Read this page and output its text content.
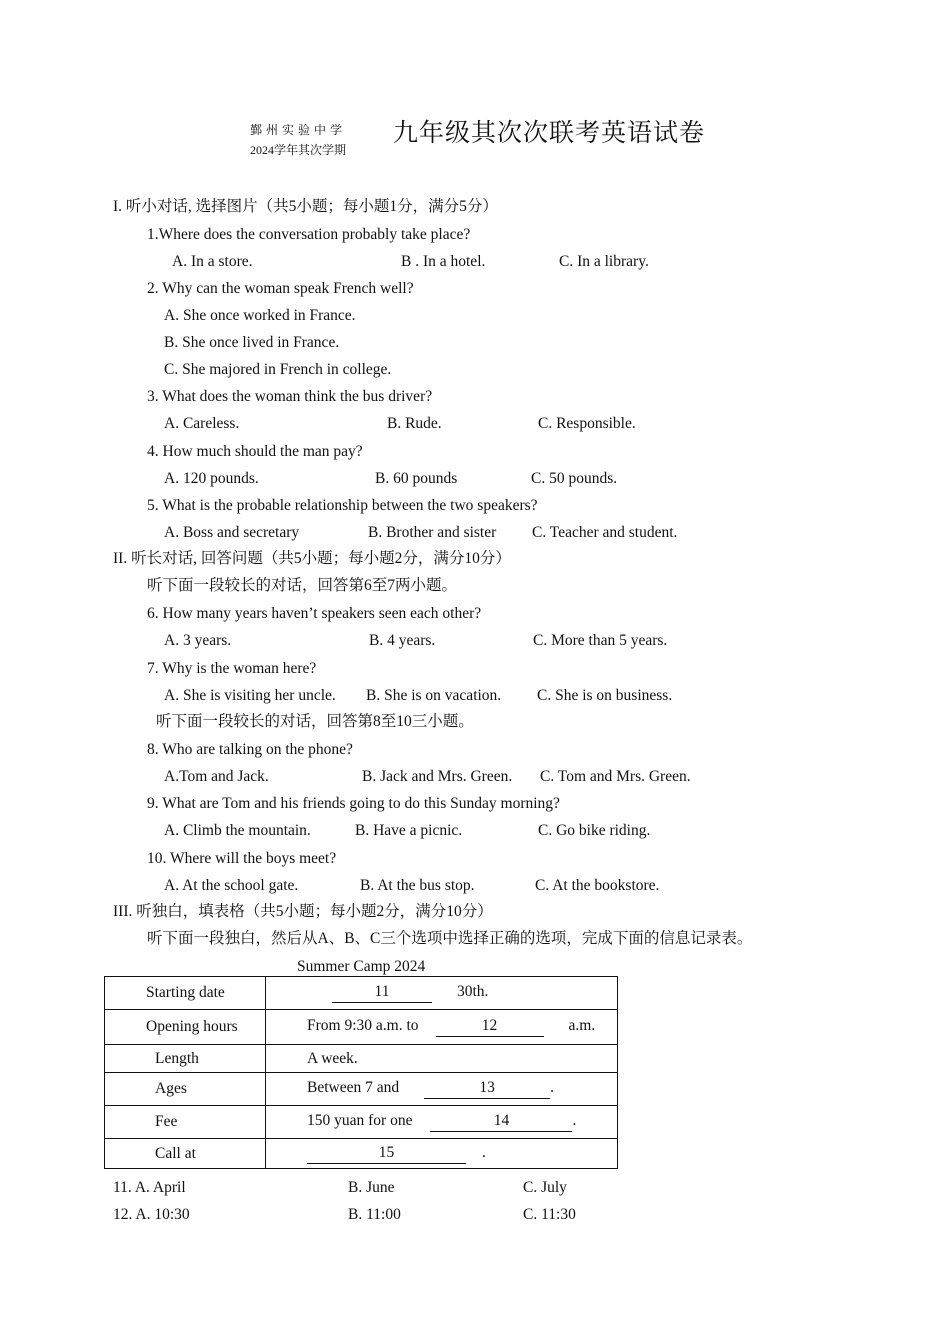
鄞州实验中学
2024学年其次学期
九年级其次次联考英语试卷
I. 听小对话, 选择图片（共5小题；每小题1分，满分5分）
1.Where does the conversation probably take place?
A. In a store.	B . In a hotel.	C. In a library.
2. Why can the woman speak French well?
A. She once worked in France.
B. She once lived in France.
C. She majored in French in college.
3. What does the woman think the bus driver?
A. Careless.	B. Rude.	C. Responsible.
4. How much should the man pay?
A. 120 pounds.	B. 60 pounds	C. 50 pounds.
5. What is the probable relationship between the two speakers?
A. Boss and secretary	B. Brother and sister C. Teacher and student.
II. 听长对话, 回答问题（共5小题；每小题2分，满分10分）
听下面一段较长的对话，回答第6至7两小题。
6. How many years haven’t speakers seen each other?
A. 3 years.	B. 4 years.	C. More than 5 years.
7. Why is the woman here?
A. She is visiting her uncle. B. She is on vacation. C. She is on business.
听下面一段较长的对话，回答第8至10三小题。
8. Who are talking on the phone?
A.Tom and Jack.	B. Jack and Mrs. Green. C. Tom and Mrs. Green.
9. What are Tom and his friends going to do this Sunday morning?
A. Climb the mountain.	B. Have a picnic.	C. Go bike riding.
10. Where will the boys meet?
A. At the school gate.	B. At the bus stop.	C. At the bookstore.
III. 听独白，填表格（共5小题；每小题2分，满分10分）
听下面一段独白，然后从A、B、C三个选项中选择正确的选项，完成下面的信息记录表。
Summer Camp 2024
Starting date	11 30th.
Opening hours	From 9:30 a.m. to 12 a.m.
Length	A week.
Ages	Between 7 and 13 .
Fee	150 yuan for one 14 .
Call at	15 .
11. A. April	B. June	C. July
12. A. 10:30	B. 11:00	C. 11:30
